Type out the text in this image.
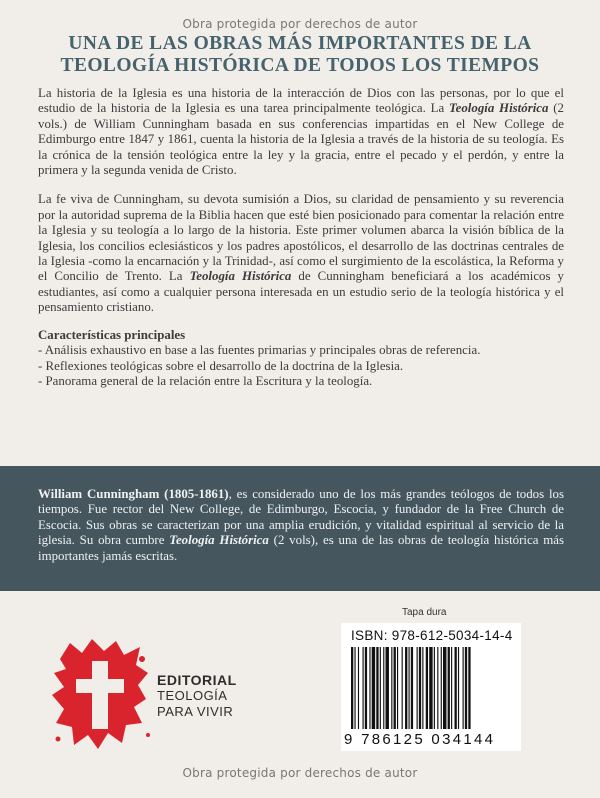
Obra protegida por derechos de autor
UNA DE LAS OBRAS MÁS IMPORTANTES DE LA
TEOLOGÍA HISTÓRICA DE TODOS LOS TIEMPOS

La historia de la Iglesia es una historia de la interacción de Dios con las personas, por lo que el estudio de la historia de la Iglesia es una tarea principalmente teológica. La Teología Histórica (2 vols.) de William Cunningham basada en sus conferencias impartidas en el New College de Edimburgo entre 1847 y 1861, cuenta la historia de la Iglesia a través de la historia de su teología. Es la crónica de la tensión teológica entre la ley y la gracia, entre el pecado y el perdón, y entre la primera y la segunda venida de Cristo.

La fe viva de Cunningham, su devota sumisión a Dios, su claridad de pensamiento y su reverencia por la autoridad suprema de la Biblia hacen que esté bien posicionado para comentar la relación entre la Iglesia y su teología a lo largo de la historia. Este primer volumen abarca la visión bíblica de la Iglesia, los concilios eclesiásticos y los padres apostólicos, el desarrollo de las doctrinas centrales de la Iglesia -como la encarnación y la Trinidad-, así como el surgimiento de la escolástica, la Reforma y el Concilio de Trento. La Teología Histórica de Cunningham beneficiará a los académicos y estudiantes, así como a cualquier persona interesada en un estudio serio de la teología histórica y el pensamiento cristiano.

Características principales
- Análisis exhaustivo en base a las fuentes primarias y principales obras de referencia.
- Reflexiones teológicas sobre el desarrollo de la doctrina de la Iglesia.
- Panorama general de la relación entre la Escritura y la teología.
William Cunningham (1805-1861), es considerado uno de los más grandes teólogos de todos los tiempos. Fue rector del New College, de Edimburgo, Escocia, y fundador de la Free Church de Escocia. Sus obras se caracterizan por una amplia erudición, y vitalidad espiritual al servicio de la iglesia. Su obra cumbre Teología Histórica (2 vols), es una de las obras de teología histórica más importantes jamás escritas.
EDITORIAL
TEOLOGÍA
PARA VIVIR
Tapa dura
ISBN: 978-612-5034-14-4
9 786125 034144
Obra protegida por derechos de autor
